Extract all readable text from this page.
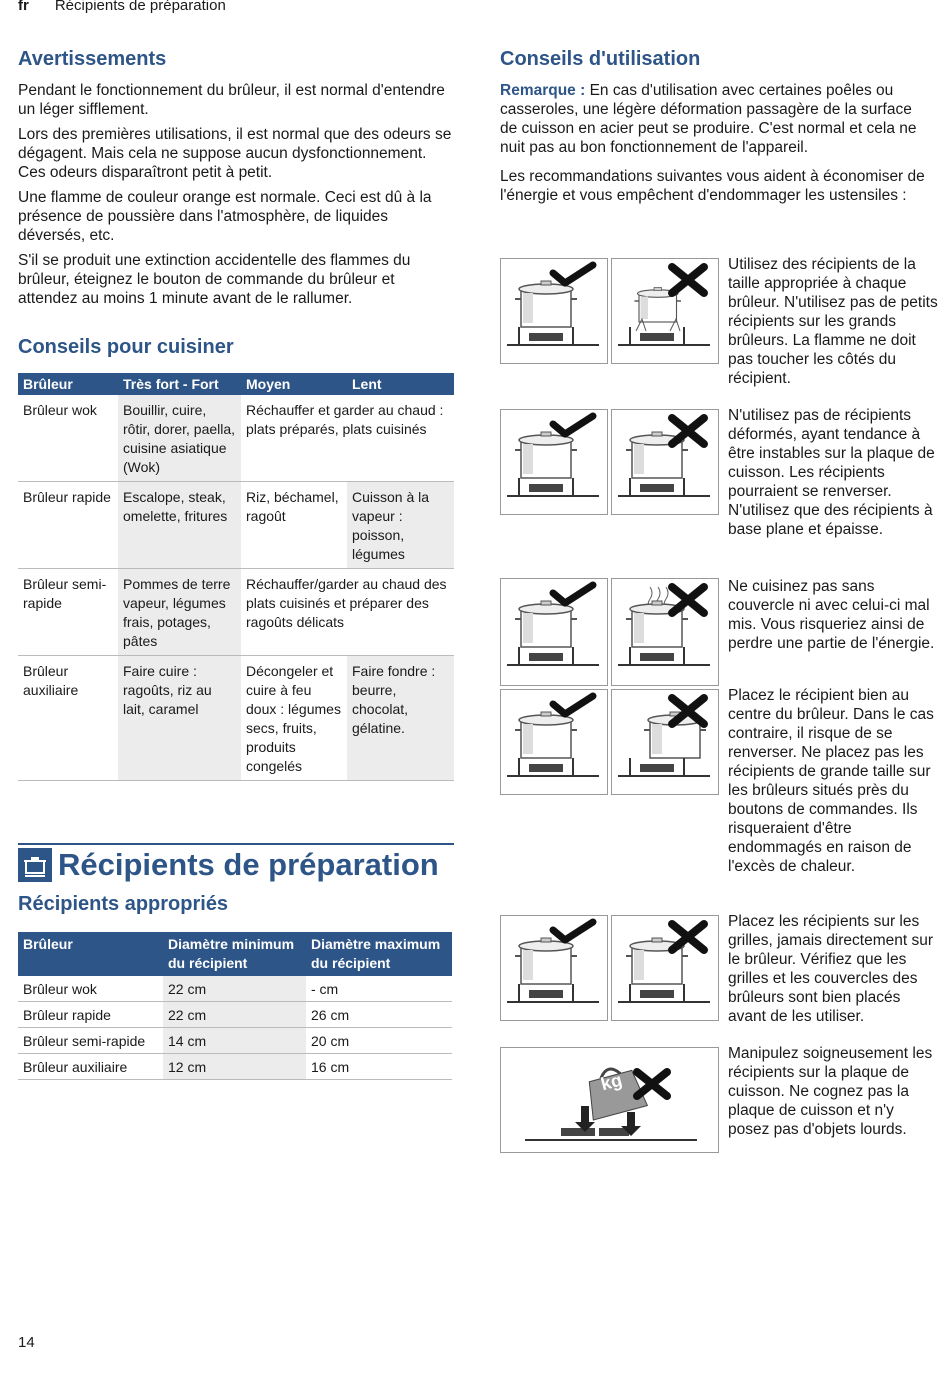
fr Récipients de préparation
Avertissements

Pendant le fonctionnement du brûleur, il est normal d'entendre un léger sifflement.

Lors des premières utilisations, il est normal que des odeurs se dégagent. Mais cela ne suppose aucun dysfonctionnement. Ces odeurs disparaîtront petit à petit.

Une flamme de couleur orange est normale. Ceci est dû à la présence de poussière dans l'atmosphère, de liquides déversés, etc.

S'il se produit une extinction accidentelle des flammes du brûleur, éteignez le bouton de commande du brûleur et attendez au moins 1 minute avant de le rallumer.

Conseils pour cuisiner
Brûleur	Très fort - Fort	Moyen	Lent
Brûleur wok	Bouillir, cuire, rôtir, dorer, paella, cuisine asiatique (Wok)	Réchauffer et garder au chaud : plats préparés, plats cuisinés	
Brûleur rapide	Escalope, steak, omelette, fritures	Riz, béchamel, ragoût	Cuisson à la vapeur : poisson, légumes
Brûleur semi-rapide	Pommes de terre vapeur, légumes frais, potages, pâtes	Réchauffer/garder au chaud des plats cuisinés et préparer des ragoûts délicats	
Brûleur auxiliaire	Faire cuire : ragoûts, riz au lait, caramel	Décongeler et cuire à feu doux : légumes secs, fruits, produits congelés	Faire fondre : beurre, chocolat, gélatine.
Récipients de préparation
Récipients appropriés
Brûleur	Diamètre minimum du récipient	Diamètre maximum du récipient
Brûleur wok	22 cm	- cm
Brûleur rapide	22 cm	26 cm
Brûleur semi-rapide	14 cm	20 cm
Brûleur auxiliaire	12 cm	16 cm
Conseils d'utilisation

Remarque : En cas d'utilisation avec certaines poêles ou casseroles, une légère déformation passagère de la surface de cuisson en acier peut se produire. C'est normal et cela ne nuit pas au bon fonctionnement de l'appareil.

Les recommandations suivantes vous aident à économiser de l'énergie et vous empêchent d'endommager les ustensiles :

kg

Utilisez des récipients de la taille appropriée à chaque brûleur. N'utilisez pas de petits récipients sur les grands brûleurs. La flamme ne doit pas toucher les côtés du récipient.

N'utilisez pas de récipients déformés, ayant tendance à être instables sur la plaque de cuisson. Les récipients pourraient se renverser. N'utilisez que des récipients à base plane et épaisse.

Ne cuisinez pas sans couvercle ni avec celui-ci mal mis. Vous risqueriez ainsi de perdre une partie de l'énergie.

Placez le récipient bien au centre du brûleur. Dans le cas contraire, il risque de se renverser. Ne placez pas les récipients de grande taille sur les brûleurs situés près du boutons de commandes. Ils risqueraient d'être endommagés en raison de l'excès de chaleur.

Placez les récipients sur les grilles, jamais directement sur le brûleur. Vérifiez que les grilles et les couvercles des brûleurs sont bien placés avant de les utiliser.

Manipulez soigneusement les récipients sur la plaque de cuisson. Ne cognez pas la plaque de cuisson et n'y posez pas d'objets lourds.

14
